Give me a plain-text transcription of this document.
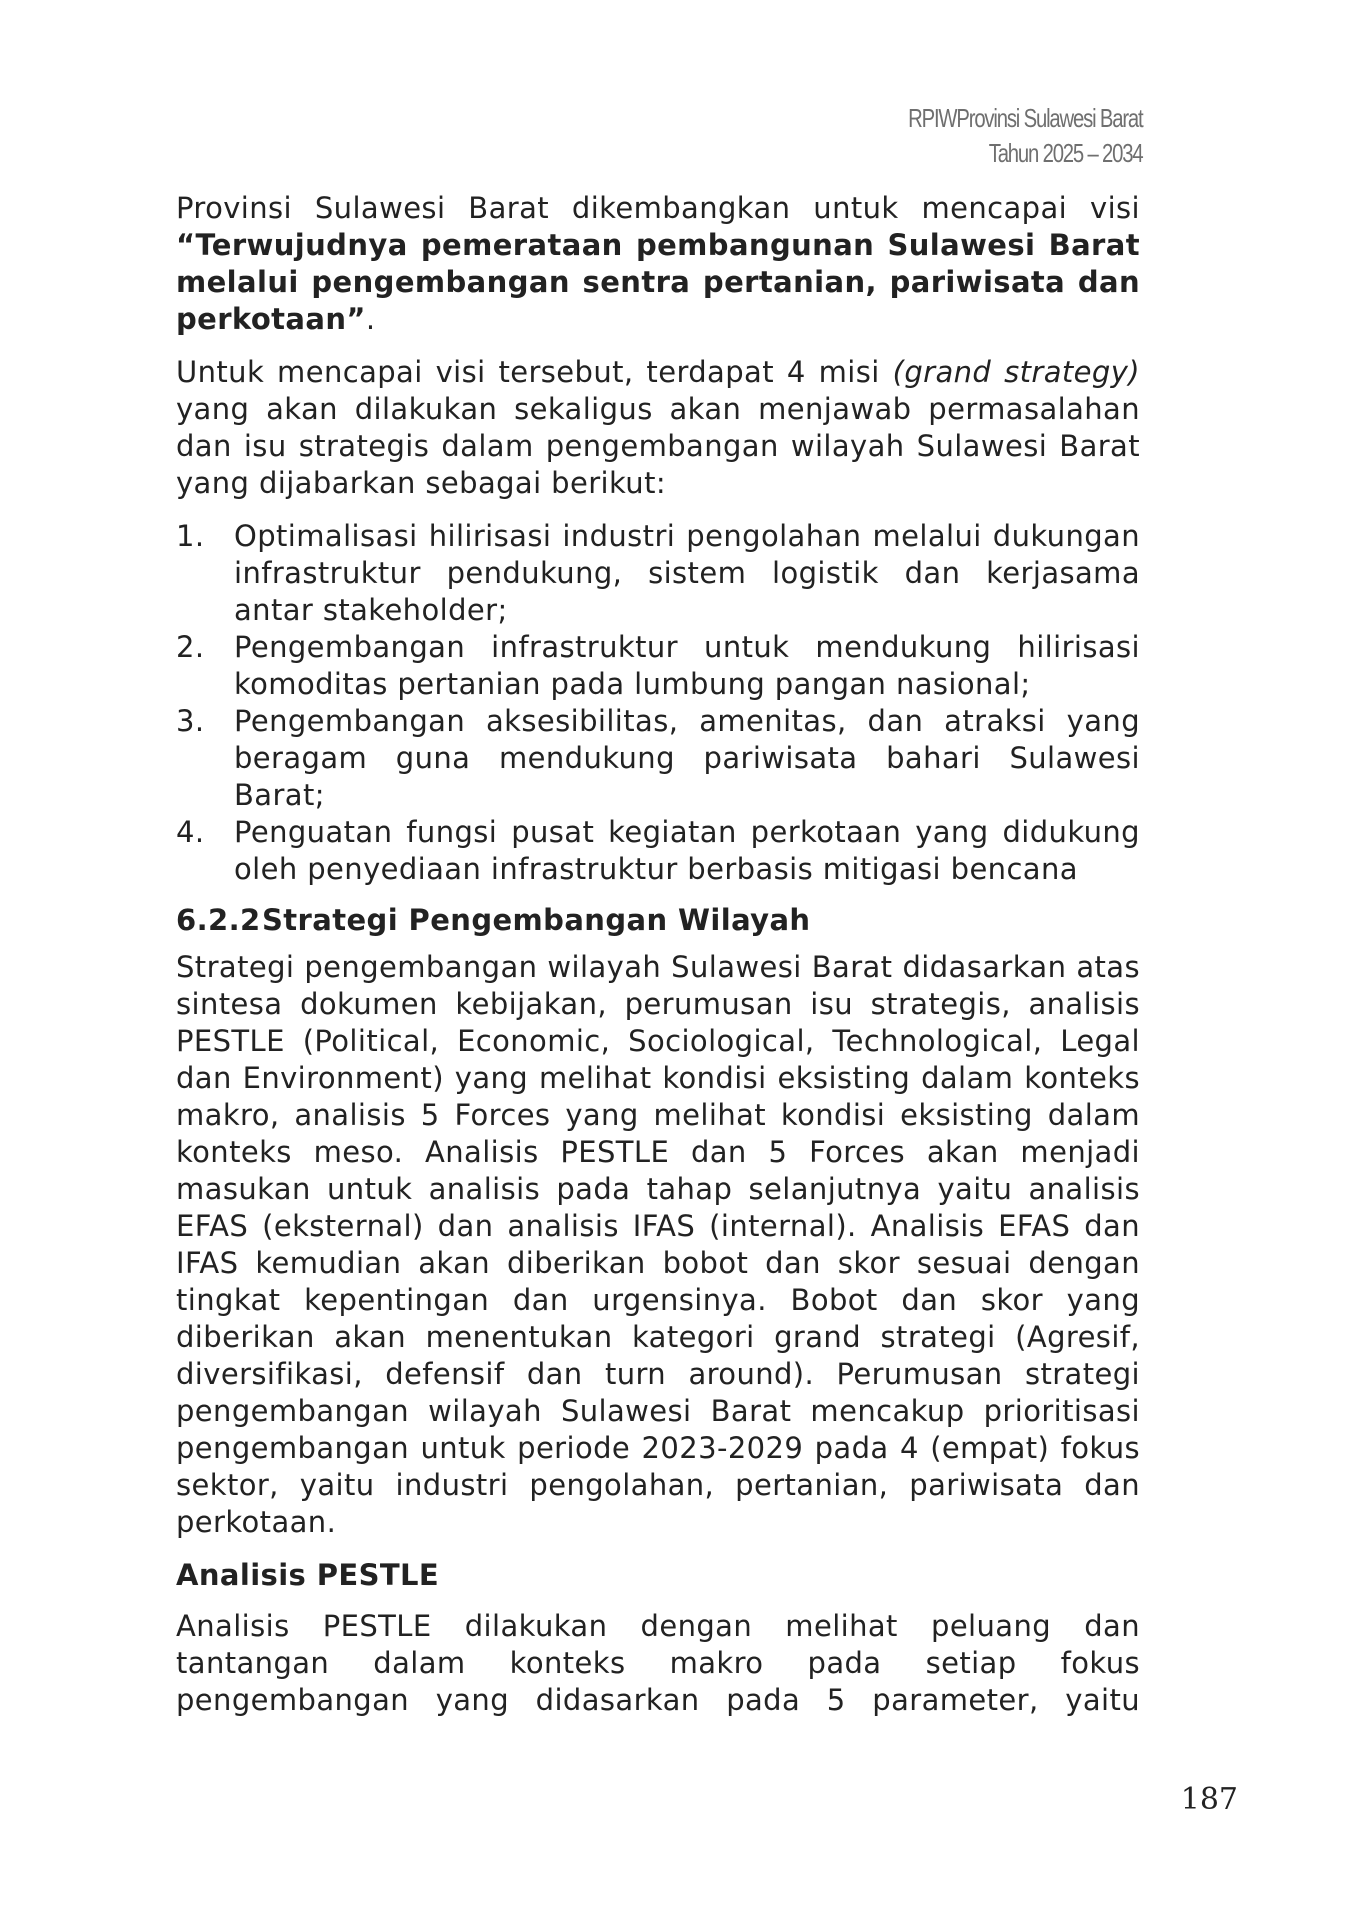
RPIWProvinsi Sulawesi Barat
Tahun 2025 – 2034

Provinsi Sulawesi Barat dikembangkan untuk mencapai visi “Terwujudnya pemerataan pembangunan Sulawesi Barat melalui pengembangan sentra pertanian, pariwisata dan perkotaan”.

Untuk mencapai visi tersebut, terdapat 4 misi (grand strategy) yang akan dilakukan sekaligus akan menjawab permasalahan dan isu strategis dalam pengembangan wilayah Sulawesi Barat yang dijabarkan sebagai berikut:

1.	Optimalisasi hilirisasi industri pengolahan melalui dukungan infrastruktur pendukung, sistem logistik dan kerjasama antar stakeholder;
2.	Pengembangan infrastruktur untuk mendukung hilirisasi komoditas pertanian pada lumbung pangan nasional;
3.	Pengembangan aksesibilitas, amenitas, dan atraksi yang beragam guna mendukung pariwisata bahari Sulawesi Barat;
4.	Penguatan fungsi pusat kegiatan perkotaan yang didukung oleh penyediaan infrastruktur berbasis mitigasi bencana
6.2.2Strategi Pengembangan Wilayah

Strategi pengembangan wilayah Sulawesi Barat didasarkan atas sintesa dokumen kebijakan, perumusan isu strategis, analisis PESTLE (Political, Economic, Sociological, Technological, Legal dan Environment) yang melihat kondisi eksisting dalam konteks makro, analisis 5 Forces yang melihat kondisi eksisting dalam konteks meso. Analisis PESTLE dan 5 Forces akan menjadi masukan untuk analisis pada tahap selanjutnya yaitu analisis EFAS (eksternal) dan analisis IFAS (internal). Analisis EFAS dan IFAS kemudian akan diberikan bobot dan skor sesuai dengan tingkat kepentingan dan urgensinya. Bobot dan skor yang diberikan akan menentukan kategori grand strategi (Agresif, diversifikasi, defensif dan turn around). Perumusan strategi pengembangan wilayah Sulawesi Barat mencakup prioritisasi pengembangan untuk periode 2023-2029 pada 4 (empat) fokus sektor, yaitu industri pengolahan, pertanian, pariwisata dan perkotaan.

Analisis PESTLE

Analisis PESTLE dilakukan dengan melihat peluang dan tantangan dalam konteks makro pada setiap fokus pengembangan yang didasarkan pada 5 parameter, yaitu

187
